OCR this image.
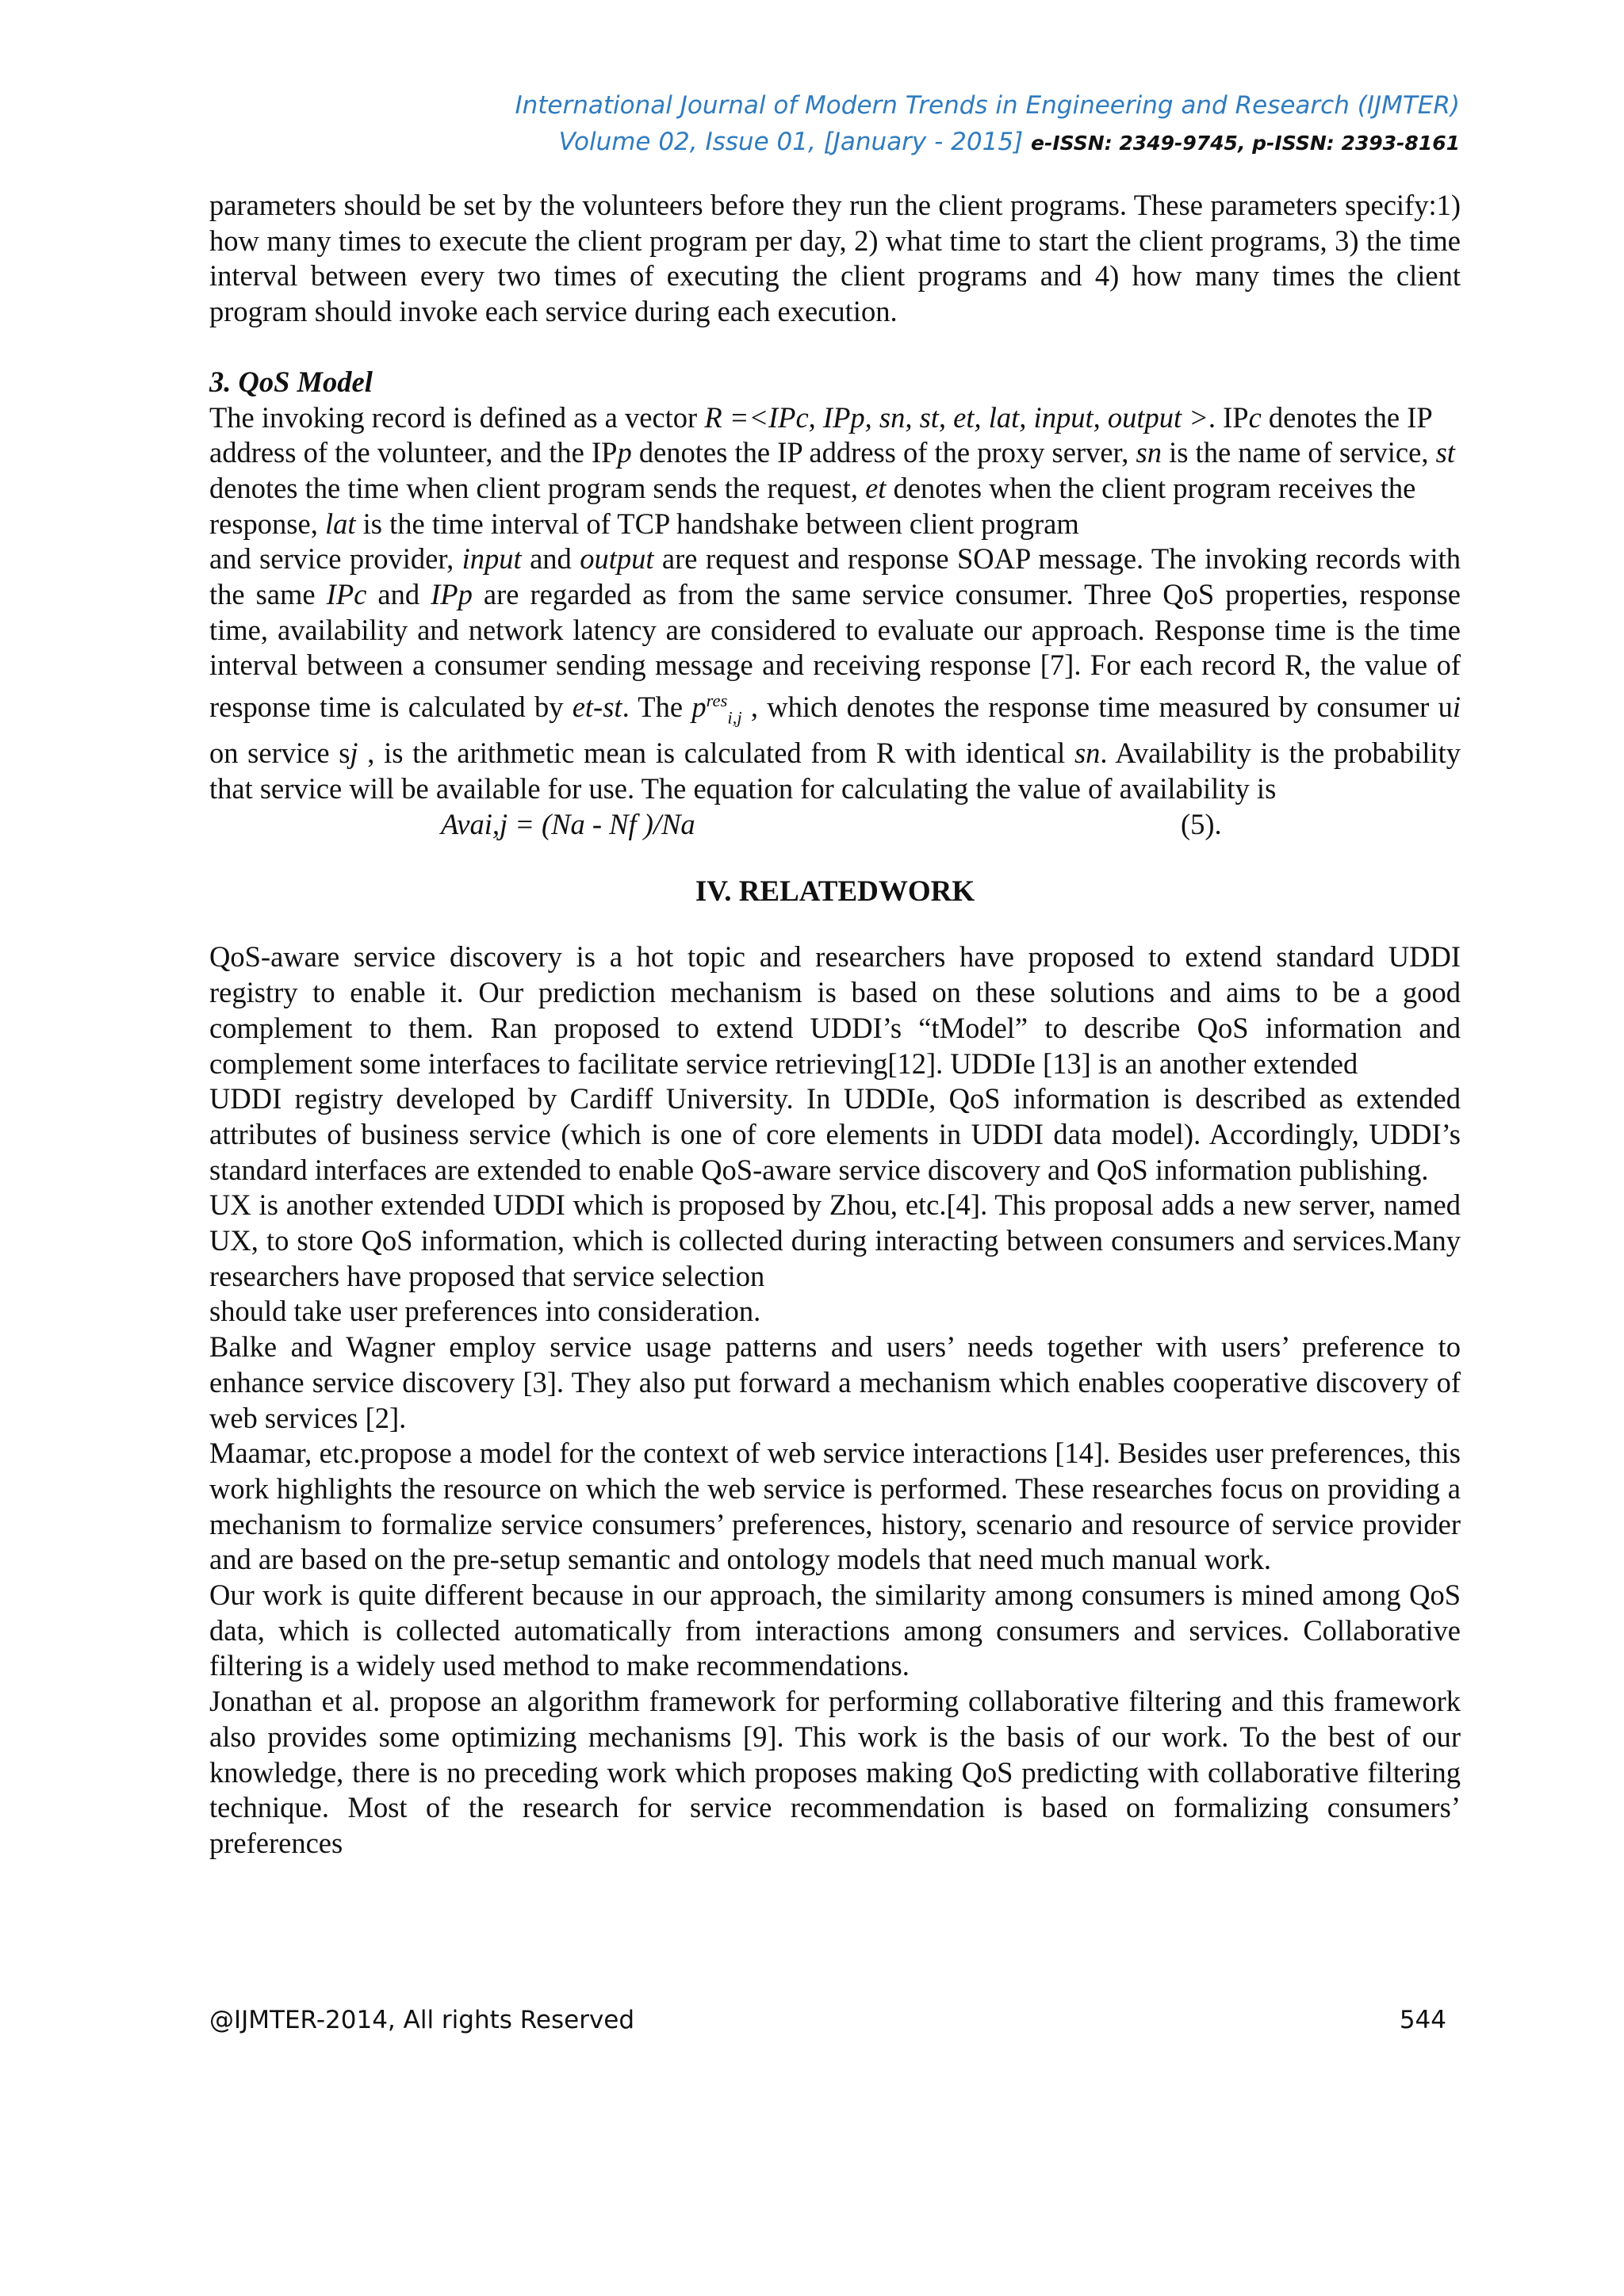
International Journal of Modern Trends in Engineering and Research (IJMTER)
Volume 02, Issue 01, [January - 2015] e-ISSN: 2349-9745, p-ISSN: 2393-8161

parameters should be set by the volunteers before they run the client programs. These parameters specify:1) how many times to execute the client program per day, 2) what time to start the client programs, 3) the time interval between every two times of executing the client programs and 4) how many times the client program should invoke each service during each execution.

3. QoS Model

The invoking record is defined as a vector R =<IPc, IPp, sn, st, et, lat, input, output >. IPc denotes the IP address of the volunteer, and the IPp denotes the IP address of the proxy server, sn is the name of service, st denotes the time when client program sends the request, et denotes when the client program receives the response, lat is the time interval of TCP handshake between client program

and service provider, input and output are request and response SOAP message. The invoking records with the same IPc and IPp are regarded as from the same service consumer. Three QoS properties, response time, availability and network latency are considered to evaluate our approach. Response time is the time interval between a consumer sending message and receiving response [7]. For each record R, the value of response time is calculated by et-st. The $p^{res}_{i,j}$ , which denotes the response time measured by consumer ui on service sj , is the arithmetic mean is calculated from R with identical sn. Availability is the probability that service will be available for use. The equation for calculating the value of availability is

Avai,j = (Na - Nf )/Na	(5).
IV. RELATEDWORK

QoS-aware service discovery is a hot topic and researchers have proposed to extend standard UDDI registry to enable it. Our prediction mechanism is based on these solutions and aims to be a good complement to them. Ran proposed to extend UDDI’s “tModel” to describe QoS information and complement some interfaces to facilitate service retrieving[12]. UDDIe [13] is an another extended

UDDI registry developed by Cardiff University. In UDDIe, QoS information is described as extended attributes of business service (which is one of core elements in UDDI data model). Accordingly, UDDI’s standard interfaces are extended to enable QoS-aware service discovery and QoS information publishing.

UX is another extended UDDI which is proposed by Zhou, etc.[4]. This proposal adds a new server, named UX, to store QoS information, which is collected during interacting between consumers and services.Many researchers have proposed that service selection

should take user preferences into consideration.

Balke and Wagner employ service usage patterns and users’ needs together with users’ preference to enhance service discovery [3]. They also put forward a mechanism which enables cooperative discovery of web services [2].

Maamar, etc.propose a model for the context of web service interactions [14]. Besides user preferences, this work highlights the resource on which the web service is performed. These researches focus on providing a mechanism to formalize service consumers’ preferences, history, scenario and resource of service provider and are based on the pre-setup semantic and ontology models that need much manual work.

Our work is quite different because in our approach, the similarity among consumers is mined among QoS data, which is collected automatically from interactions among consumers and services. Collaborative filtering is a widely used method to make recommendations.

Jonathan et al. propose an algorithm framework for performing collaborative filtering and this framework also provides some optimizing mechanisms [9]. This work is the basis of our work. To the best of our knowledge, there is no preceding work which proposes making QoS predicting with collaborative filtering technique. Most of the research for service recommendation is based on formalizing consumers’ preferences

@IJMTER-2014, All rights Reserved	544
